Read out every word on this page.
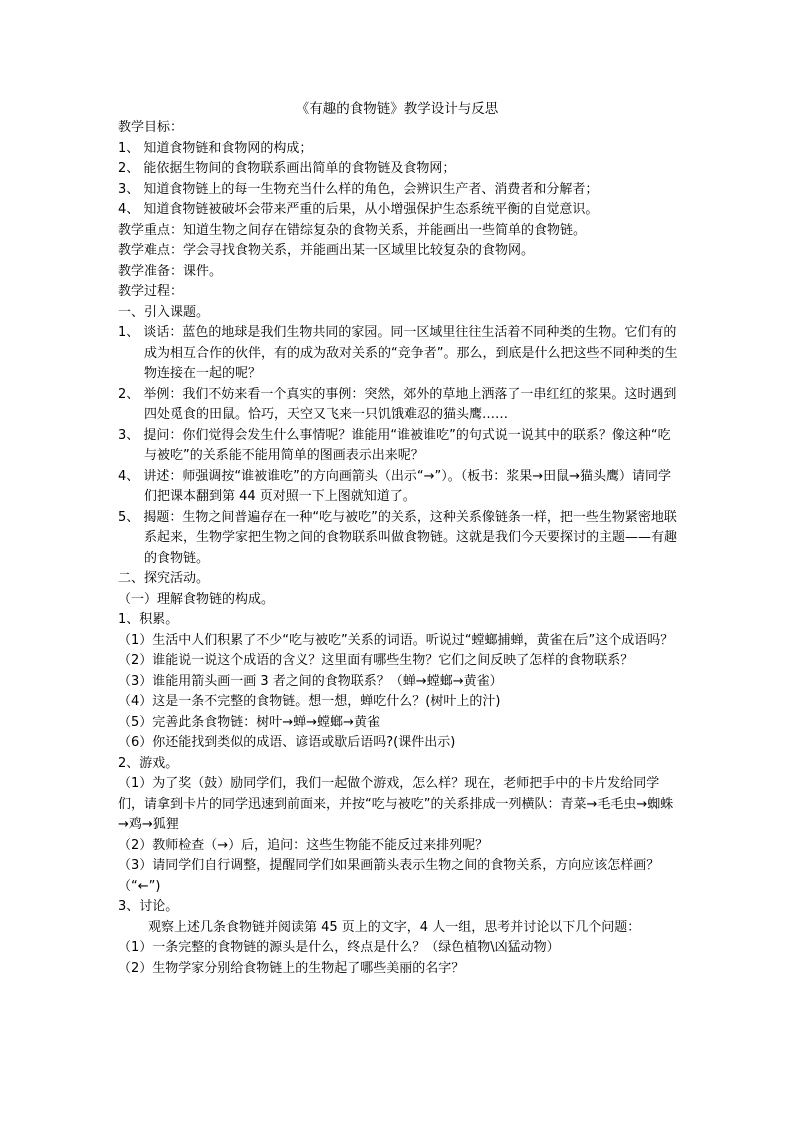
《有趣的食物链》教学设计与反思

教学目标：

1、 知道食物链和食物网的构成；

2、 能依据生物间的食物联系画出简单的食物链及食物网；

3、 知道食物链上的每一生物充当什么样的角色，会辨识生产者、消费者和分解者；

4、 知道食物链被破坏会带来严重的后果，从小增强保护生态系统平衡的自觉意识。

教学重点：知道生物之间存在错综复杂的食物关系，并能画出一些简单的食物链。

教学难点：学会寻找食物关系，并能画出某一区域里比较复杂的食物网。

教学准备：课件。

教学过程：

一、引入课题。

1、 谈话：蓝色的地球是我们生物共同的家园。同一区域里往往生活着不同种类的生物。它们有的成为相互合作的伙伴，有的成为敌对关系的“竞争者”。那么，到底是什么把这些不同种类的生物连接在一起的呢？

2、 举例：我们不妨来看一个真实的事例：突然，郊外的草地上洒落了一串红红的浆果。这时遇到四处觅食的田鼠。恰巧，天空又飞来一只饥饿难忍的猫头鹰……

3、 提问：你们觉得会发生什么事情呢？谁能用“谁被谁吃”的句式说一说其中的联系？像这种“吃与被吃”的关系能不能用简单的图画表示出来呢？

4、 讲述：师强调按“谁被谁吃”的方向画箭头（出示“→”）。（板书：浆果→田鼠→猫头鹰）请同学们把课本翻到第 44 页对照一下上图就知道了。

5、 揭题：生物之间普遍存在一种“吃与被吃”的关系，这种关系像链条一样，把一些生物紧密地联系起来，生物学家把生物之间的食物联系叫做食物链。这就是我们今天要探讨的主题——有趣的食物链。

二、探究活动。

（一）理解食物链的构成。

1、积累。

（1）生活中人们积累了不少“吃与被吃”关系的词语。听说过“螳螂捕蝉，黄雀在后”这个成语吗？

（2）谁能说一说这个成语的含义？这里面有哪些生物？它们之间反映了怎样的食物联系？

（3）谁能用箭头画一画 3 者之间的食物联系？（蝉→螳螂→黄雀）

（4）这是一条不完整的食物链。想一想，蝉吃什么？(树叶上的汁)

（5）完善此条食物链：树叶→蝉→螳螂→黄雀

（6）你还能找到类似的成语、谚语或歇后语吗?(课件出示)

2、游戏。

（1）为了奖（鼓）励同学们，我们一起做个游戏，怎么样？现在，老师把手中的卡片发给同学们，请拿到卡片的同学迅速到前面来，并按“吃与被吃”的关系排成一列横队：青菜→毛毛虫→蜘蛛→鸡→狐狸

（2）教师检查（→）后，追问：这些生物能不能反过来排列呢？

（3）请同学们自行调整，提醒同学们如果画箭头表示生物之间的食物关系，方向应该怎样画？（“←”)

3、讨论。

观察上述几条食物链并阅读第 45 页上的文字，4 人一组，思考并讨论以下几个问题：

（1）一条完整的食物链的源头是什么，终点是什么？（绿色植物\凶猛动物）

（2）生物学家分别给食物链上的生物起了哪些美丽的名字？
